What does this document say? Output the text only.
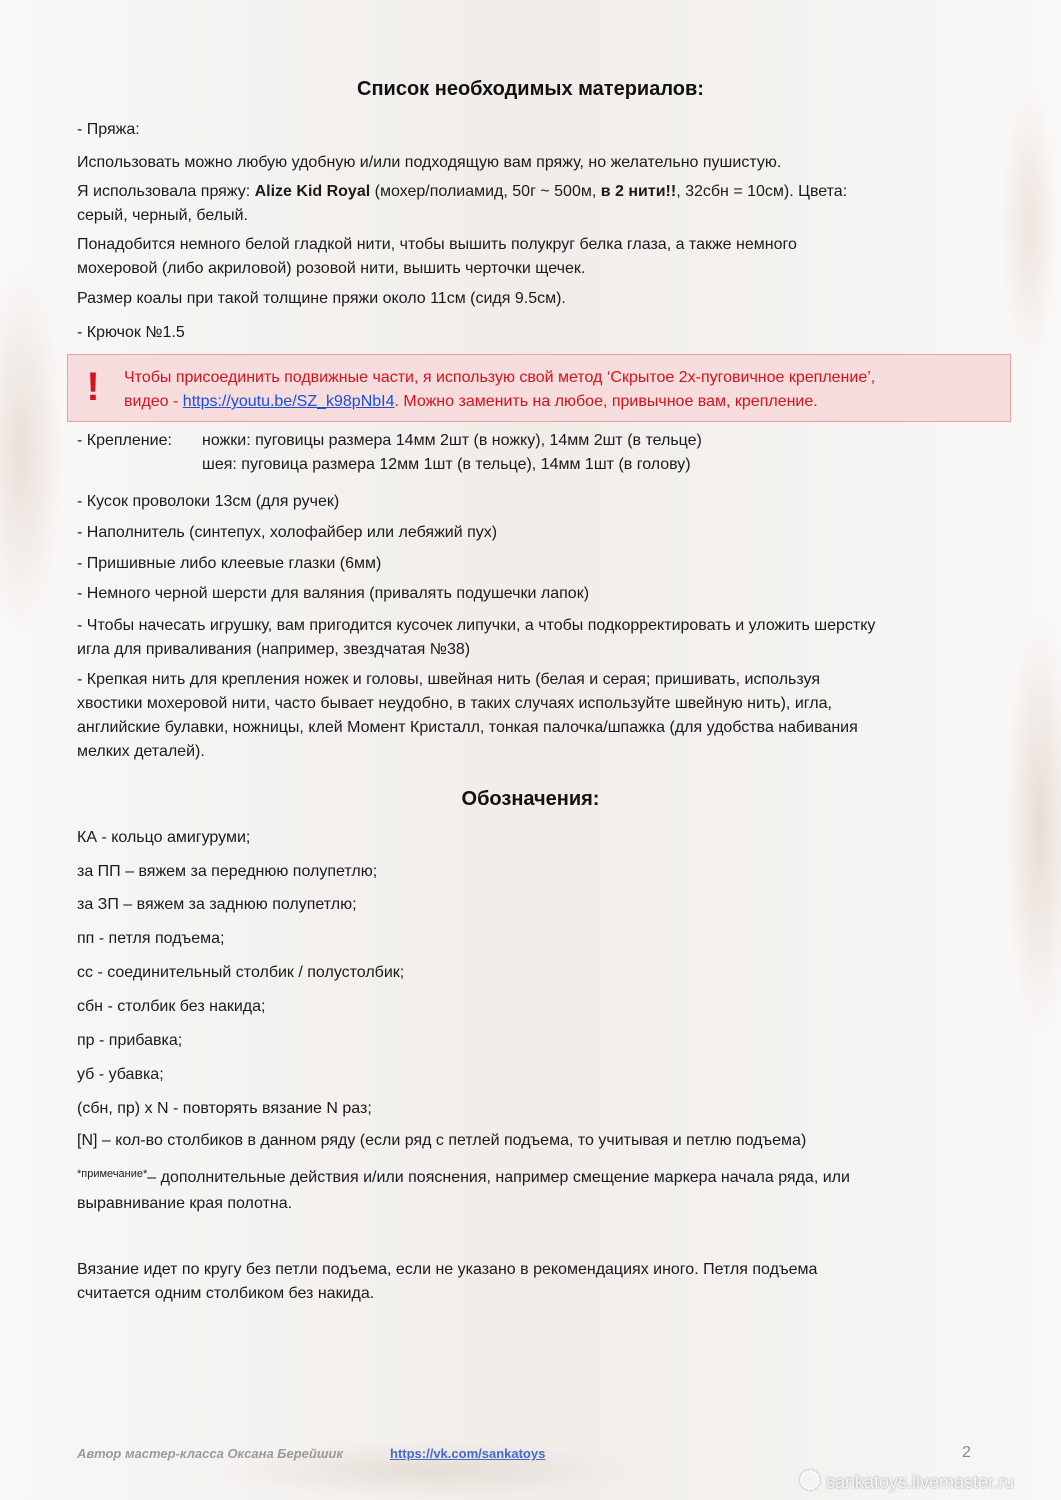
Список необходимых материалов:
- Пряжа:
Использовать можно любую удобную и/или подходящую вам пряжу, но желательно пушистую.
Я использовала пряжу: Alize Kid Royal (мохер/полиамид, 50г ~ 500м, в 2 нити!!, 32сбн = 10см). Цвета:
серый, черный, белый.
Понадобится немного белой гладкой нити, чтобы вышить полукруг белка глаза, а также немного
мохеровой (либо акриловой) розовой нити, вышить черточки щечек.
Размер коалы при такой толщине пряжи около 11см (сидя 9.5см).
- Крючок №1.5
! Чтобы присоединить подвижные части, я использую свой метод ‘Скрытое 2х-пуговичное крепление’,
видео - https://youtu.be/SZ_k98pNbI4. Можно заменить на любое, привычное вам, крепление.
- Крепление:	ножки: пуговицы размера 14мм 2шт (в ножку), 14мм 2шт (в тельце)
шея: пуговица размера 12мм 1шт (в тельце), 14мм 1шт (в голову)
- Кусок проволоки 13см (для ручек)
- Наполнитель (синтепух, холофайбер или лебяжий пух)
- Пришивные либо клеевые глазки (6мм)
- Немного черной шерсти для валяния (привалять подушечки лапок)
- Чтобы начесать игрушку, вам пригодится кусочек липучки, а чтобы подкорректировать и уложить шерстку
игла для приваливания (например, звездчатая №38)
- Крепкая нить для крепления ножек и головы, швейная нить (белая и серая; пришивать, используя
хвостики мохеровой нити, часто бывает неудобно, в таких случаях используйте швейную нить), игла,
английские булавки, ножницы, клей Момент Кристалл, тонкая палочка/шпажка (для удобства набивания
мелких деталей).
Обозначения:
КА - кольцо амигуруми;
за ПП – вяжем за переднюю полупетлю;
за ЗП – вяжем за заднюю полупетлю;
пп - петля подъема;
сс - соединительный столбик / полустолбик;
сбн - столбик без накида;
пр - прибавка;
уб - убавка;
(сбн, пр) x N - повторять вязание N раз;
[N] – кол-во столбиков в данном ряду (если ряд с петлей подъема, то учитывая и петлю подъема)
$^{*примечание*}$– дополнительные действия и/или пояснения, например смещение маркера начала ряда, или
выравнивание края полотна.
Вязание идет по кругу без петли подъема, если не указано в рекомендациях иного. Петля подъема
считается одним столбиком без накида.
Автор мастер-класса Оксана Берейшик	https://vk.com/sankatoys	2
sankatoys.livemaster.ru
